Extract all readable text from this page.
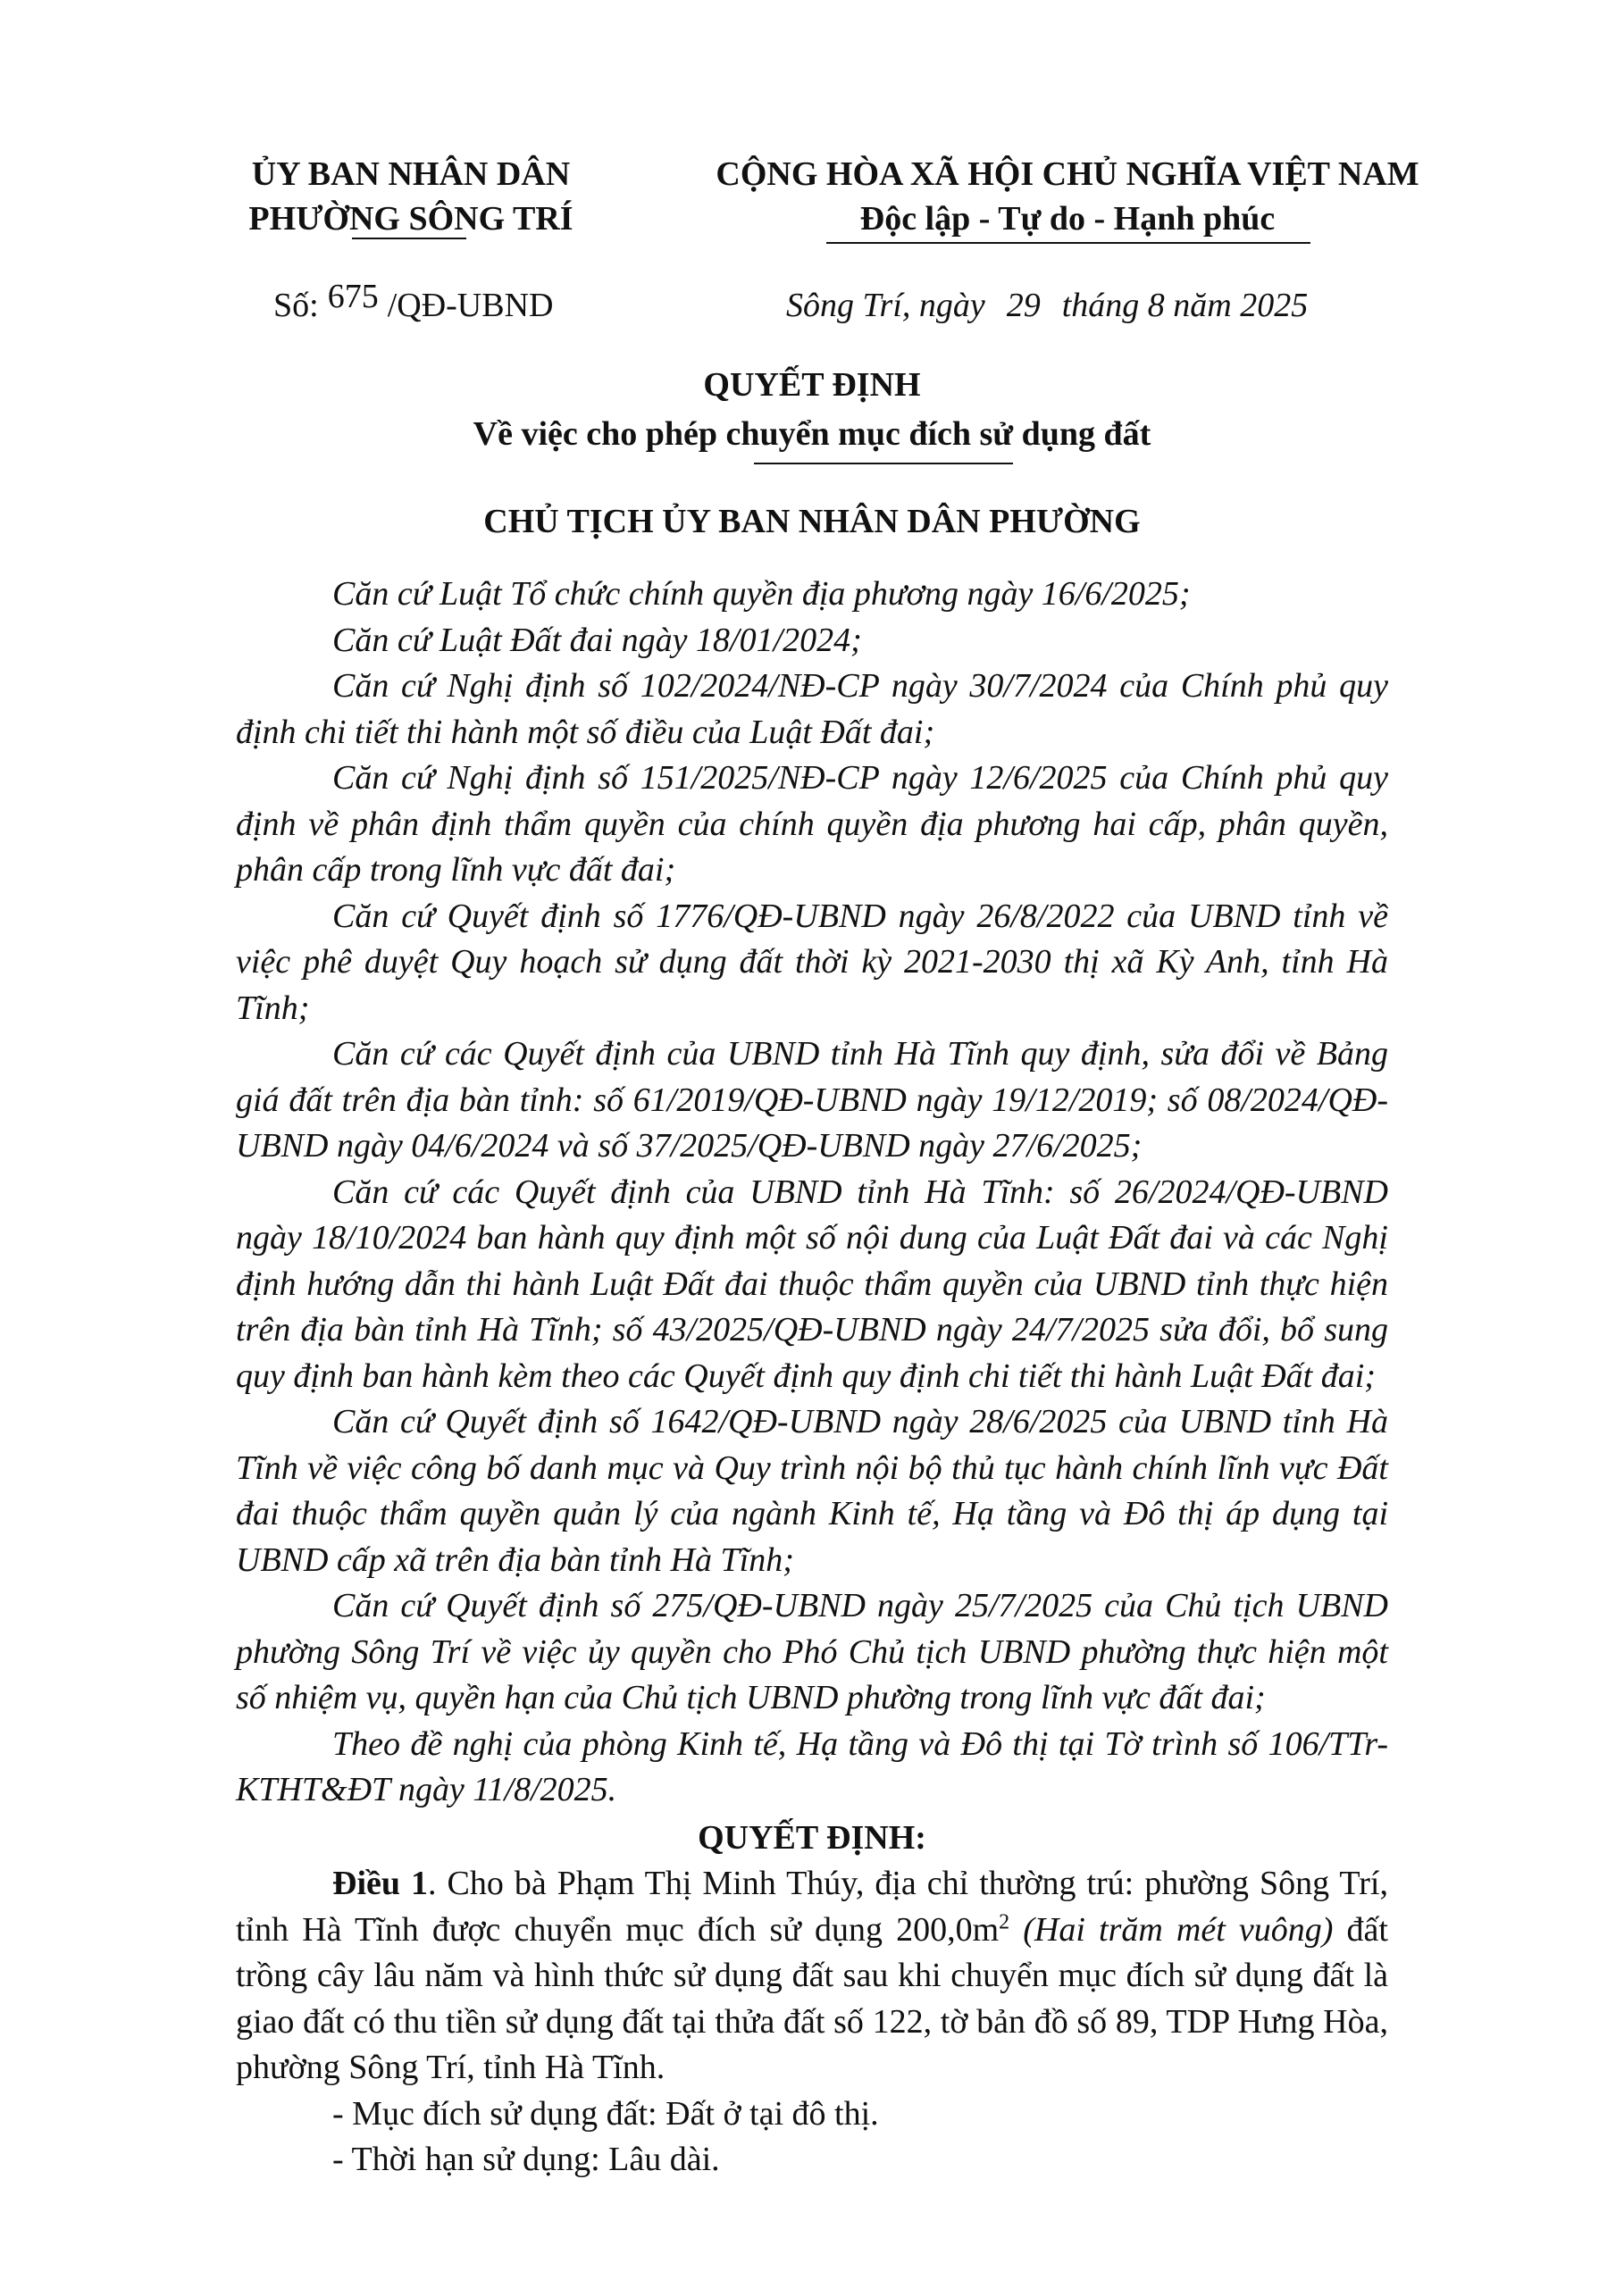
ỦY BAN NHÂN DÂN
PHƯỜNG SÔNG TRÍ
CỘNG HÒA XÃ HỘI CHỦ NGHĨA VIỆT NAM
Độc lập - Tự do - Hạnh phúc
Số: 675 /QĐ-UBND	Sông Trí, ngày 29 tháng 8 năm 2025
QUYẾT ĐỊNH
Về việc cho phép chuyển mục đích sử dụng đất
CHỦ TỊCH ỦY BAN NHÂN DÂN PHƯỜNG

Căn cứ Luật Tổ chức chính quyền địa phương ngày 16/6/2025;

Căn cứ Luật Đất đai ngày 18/01/2024;

Căn cứ Nghị định số 102/2024/NĐ-CP ngày 30/7/2024 của Chính phủ quy định chi tiết thi hành một số điều của Luật Đất đai;

Căn cứ Nghị định số 151/2025/NĐ-CP ngày 12/6/2025 của Chính phủ quy định về phân định thẩm quyền của chính quyền địa phương hai cấp, phân quyền, phân cấp trong lĩnh vực đất đai;

Căn cứ Quyết định số 1776/QĐ-UBND ngày 26/8/2022 của UBND tỉnh về việc phê duyệt Quy hoạch sử dụng đất thời kỳ 2021-2030 thị xã Kỳ Anh, tỉnh Hà Tĩnh;

Căn cứ các Quyết định của UBND tỉnh Hà Tĩnh quy định, sửa đổi về Bảng giá đất trên địa bàn tỉnh: số 61/2019/QĐ-UBND ngày 19/12/2019; số 08/2024/QĐ-UBND ngày 04/6/2024 và số 37/2025/QĐ-UBND ngày 27/6/2025;

Căn cứ các Quyết định của UBND tỉnh Hà Tĩnh: số 26/2024/QĐ-UBND ngày 18/10/2024 ban hành quy định một số nội dung của Luật Đất đai và các Nghị định hướng dẫn thi hành Luật Đất đai thuộc thẩm quyền của UBND tỉnh thực hiện trên địa bàn tỉnh Hà Tĩnh; số 43/2025/QĐ-UBND ngày 24/7/2025 sửa đổi, bổ sung quy định ban hành kèm theo các Quyết định quy định chi tiết thi hành Luật Đất đai;

Căn cứ Quyết định số 1642/QĐ-UBND ngày 28/6/2025 của UBND tỉnh Hà Tĩnh về việc công bố danh mục và Quy trình nội bộ thủ tục hành chính lĩnh vực Đất đai thuộc thẩm quyền quản lý của ngành Kinh tế, Hạ tầng và Đô thị áp dụng tại UBND cấp xã trên địa bàn tỉnh Hà Tĩnh;

Căn cứ Quyết định số 275/QĐ-UBND ngày 25/7/2025 của Chủ tịch UBND phường Sông Trí về việc ủy quyền cho Phó Chủ tịch UBND phường thực hiện một số nhiệm vụ, quyền hạn của Chủ tịch UBND phường trong lĩnh vực đất đai;

Theo đề nghị của phòng Kinh tế, Hạ tầng và Đô thị tại Tờ trình số 106/TTr-KTHT&ĐT ngày 11/8/2025.

QUYẾT ĐỊNH:

Điều 1. Cho bà Phạm Thị Minh Thúy, địa chỉ thường trú: phường Sông Trí, tỉnh Hà Tĩnh được chuyển mục đích sử dụng $200,0m^2$ (Hai trăm mét vuông) đất trồng cây lâu năm và hình thức sử dụng đất sau khi chuyển mục đích sử dụng đất là giao đất có thu tiền sử dụng đất tại thửa đất số 122, tờ bản đồ số 89, TDP Hưng Hòa, phường Sông Trí, tỉnh Hà Tĩnh.

- Mục đích sử dụng đất: Đất ở tại đô thị.

- Thời hạn sử dụng: Lâu dài.
